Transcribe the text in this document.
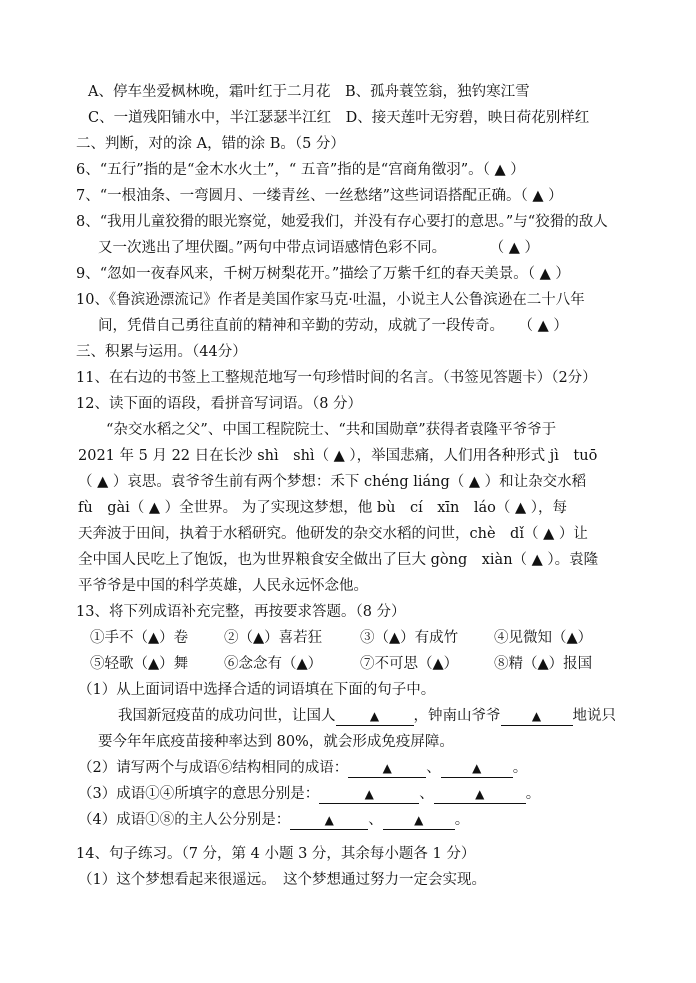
A、停车坐爱枫林晚，霜叶红于二月花　B、孤舟蓑笠翁，独钓寒江雪
C、一道残阳铺水中，半江瑟瑟半江红　D、接天莲叶无穷碧，映日荷花别样红
二、判断，对的涂 A，错的涂 B。（5 分）
6、“五行”指的是“金木水火土”，“ 五音”指的是“宫商角徵羽”。（ ▲ ）
7、“一根油条、一弯圆月、一缕青丝、一丝愁绪”这些词语搭配正确。（ ▲ ）
8、“我用儿童狡猾的眼光察觉，她爱我们，并没有存心要打的意思。”与“狡猾的敌人
又一次逃出了埋伏圈。”两句中带点词语感情色彩不同。　　　　（ ▲ ）
9、“忽如一夜春风来，千树万树梨花开。”描绘了万紫千红的春天美景。（ ▲ ）
10、《鲁滨逊漂流记》作者是美国作家马克·吐温，小说主人公鲁滨逊在二十八年
间，凭借自己勇往直前的精神和辛勤的劳动，成就了一段传奇。　　（ ▲ ）
三、积累与运用。（44分）
11、在右边的书签上工整规范地写一句珍惜时间的名言。（书签见答题卡）（2分）
12、读下面的语段，看拼音写词语。（8 分）
“杂交水稻之父”、中国工程院院士、“共和国勋章”获得者袁隆平爷爷于
2021 年 5 月 22 日在长沙 shì　shì（ ▲ ），举国悲痛，人们用各种形式 jì　tuō
（ ▲ ）哀思。袁爷爷生前有两个梦想：禾下 chéng liáng（ ▲ ）和让杂交水稻
fù　gài（ ▲ ）全世界。 为了实现这梦想，他 bù　cí　xīn　láo（ ▲ ），每
天奔波于田间，执着于水稻研究。他研发的杂交水稻的问世，chè　dǐ（ ▲ ）让
全中国人民吃上了饱饭，也为世界粮食安全做出了巨大 gòng　xiàn（ ▲ ）。袁隆
平爷爷是中国的科学英雄，人民永远怀念他。
13、将下列成语补充完整，再按要求答题。（8 分）
①手不（▲）卷 ②（▲）喜若狂	③（▲）有成竹 ④见微知（▲）
⑤轻歌（▲）舞 ⑥念念有（▲）	⑦不可思（▲） ⑧精（▲）报国
（1）从上面词语中选择合适的词语填在下面的句子中。
我国新冠疫苗的成功问世，让国人	▲ ，钟南山爷爷	▲ 地说只
要今年年底疫苗接种率达到 80%，就会形成免疫屏障。
（2）请写两个与成语⑥结构相同的成语：	▲ 、	▲ 。
（3）成语①④所填字的意思分别是：	▲	、	▲	。
（4）成语①⑧的主人公分别是：	▲ 、	▲ 。
14、句子练习。（7 分，第 4 小题 3 分，其余每小题各 1 分）
（1）这个梦想看起来很遥远。　这个梦想通过努力一定会实现。
